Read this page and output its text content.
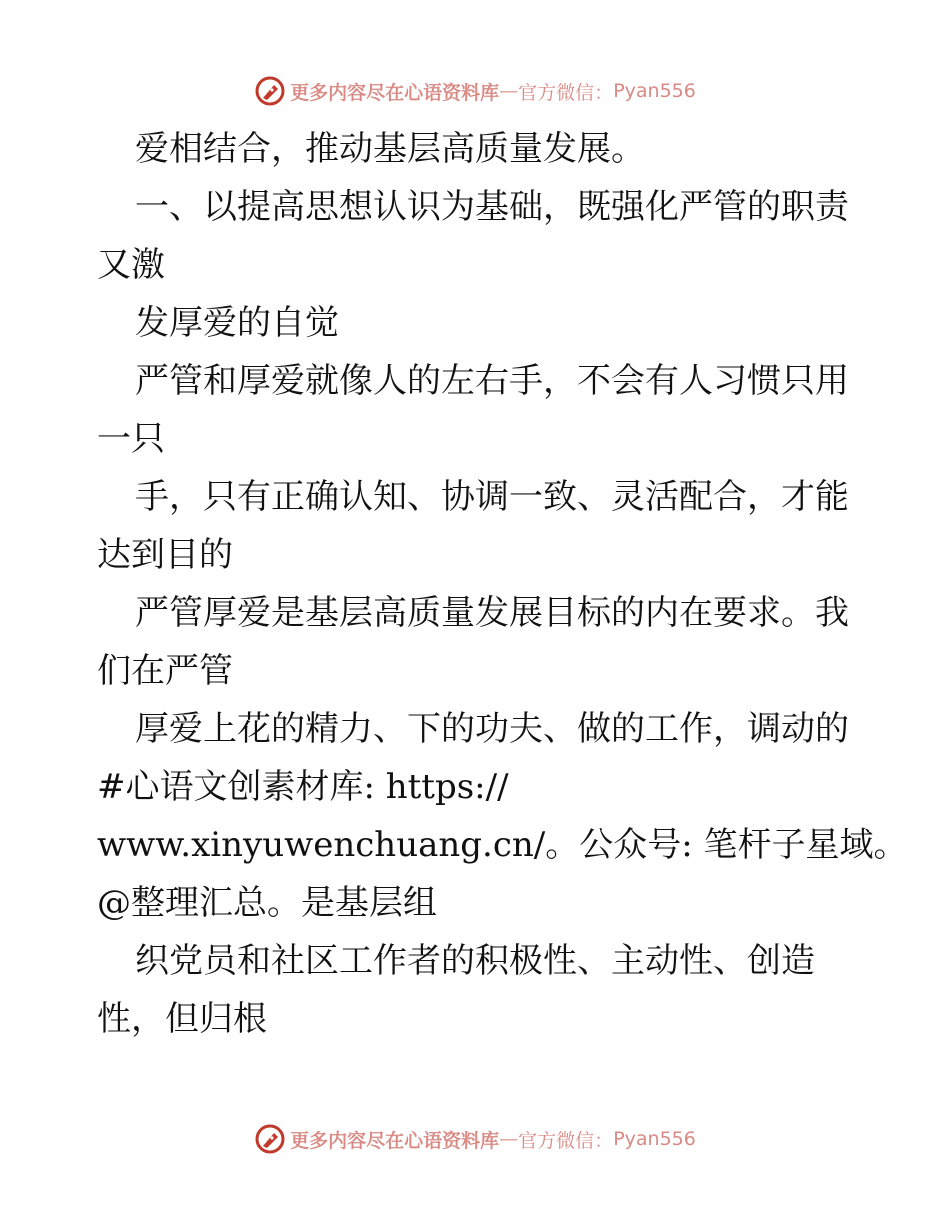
更多内容尽在心语资料库 — 官方微信： Pyan556
爱相结合，推动基层高质量发展。
一、以提高思想认识为基础，既强化严管的职责
又激
发厚爱的自觉
严管和厚爱就像人的左右手，不会有人习惯只用
一只
手，只有正确认知、协调一致、灵活配合，才能
达到目的
严管厚爱是基层高质量发展目标的内在要求。我
们在严管
厚爱上花的精力、下的功夫、做的工作，调动的
#心语文创素材库: https://
www.xinyuwenchuang.cn/。公众号: 笔杆子星域。
@整理汇总。是基层组
织党员和社区工作者的积极性、主动性、创造
性，但归根
更多内容尽在心语资料库 — 官方微信： Pyan556
